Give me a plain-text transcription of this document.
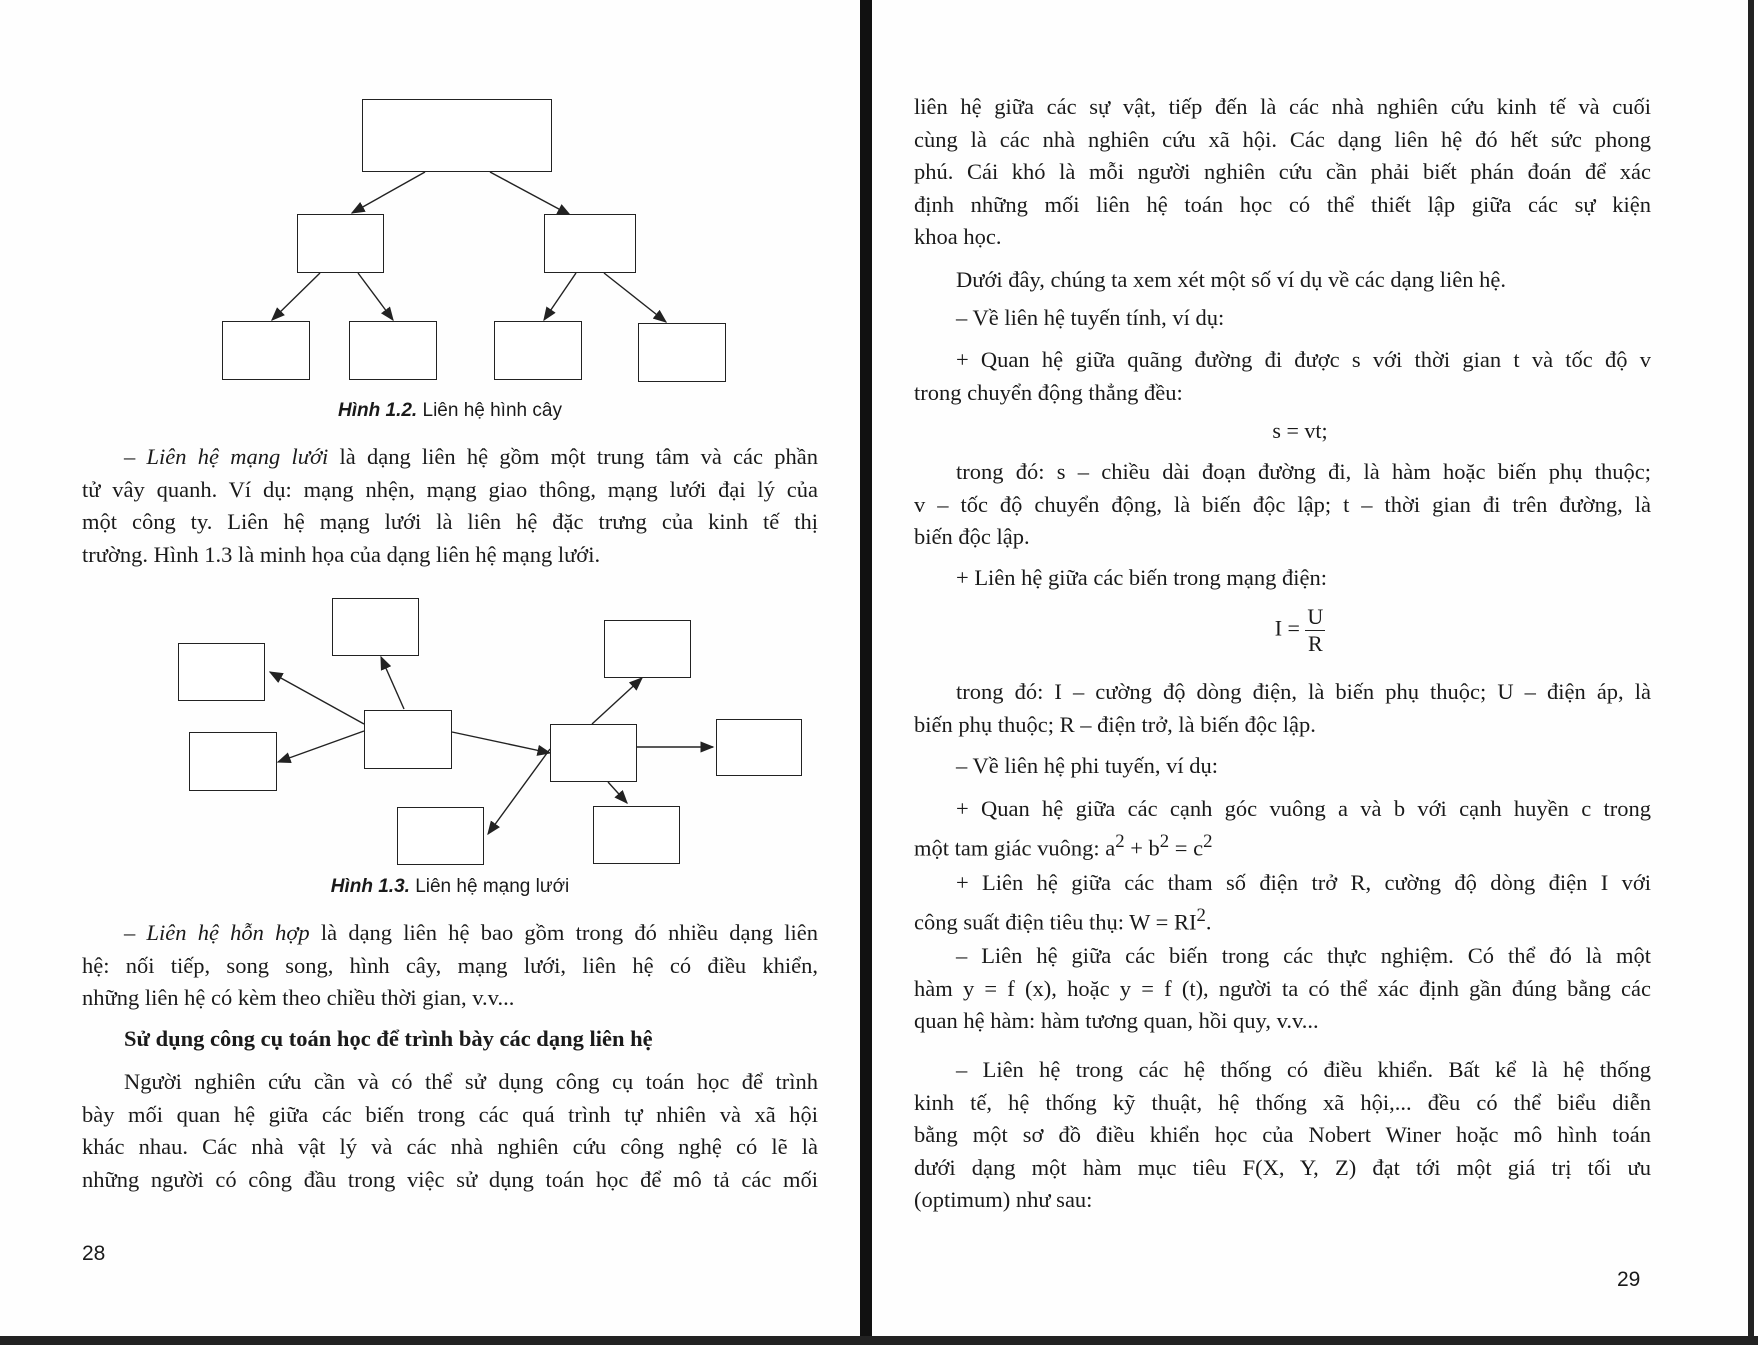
Hình 1.2. Liên hệ hình cây
– Liên hệ mạng lưới là dạng liên hệ gồm một trung tâm và các phần
tử vây quanh. Ví dụ: mạng nhện, mạng giao thông, mạng lưới đại lý của
một công ty. Liên hệ mạng lưới là liên hệ đặc trưng của kinh tế thị
trường. Hình 1.3 là minh họa của dạng liên hệ mạng lưới.
Hình 1.3. Liên hệ mạng lưới
– Liên hệ hỗn hợp là dạng liên hệ bao gồm trong đó nhiều dạng liên
hệ: nối tiếp, song song, hình cây, mạng lưới, liên hệ có điều khiển,
những liên hệ có kèm theo chiều thời gian, v.v...
Sử dụng công cụ toán học để trình bày các dạng liên hệ
Người nghiên cứu cần và có thể sử dụng công cụ toán học để trình
bày mối quan hệ giữa các biến trong các quá trình tự nhiên và xã hội
khác nhau. Các nhà vật lý và các nhà nghiên cứu công nghệ có lẽ là
những người có công đầu trong việc sử dụng toán học để mô tả các mối
28
liên hệ giữa các sự vật, tiếp đến là các nhà nghiên cứu kinh tế và cuối
cùng là các nhà nghiên cứu xã hội. Các dạng liên hệ đó hết sức phong
phú. Cái khó là mỗi người nghiên cứu cần phải biết phán đoán để xác
định những mối liên hệ toán học có thể thiết lập giữa các sự kiện
khoa học.
Dưới đây, chúng ta xem xét một số ví dụ về các dạng liên hệ.
– Về liên hệ tuyến tính, ví dụ:
+ Quan hệ giữa quãng đường đi được s với thời gian t và tốc độ v
trong chuyển động thẳng đều:
s = vt;
trong đó: s – chiều dài đoạn đường đi, là hàm hoặc biến phụ thuộc;
v – tốc độ chuyển động, là biến độc lập; t – thời gian đi trên đường, là
biến độc lập.
+ Liên hệ giữa các biến trong mạng điện:
$I = \frac{U}{R}$
trong đó: I – cường độ dòng điện, là biến phụ thuộc; U – điện áp, là
biến phụ thuộc; R – điện trở, là biến độc lập.
– Về liên hệ phi tuyến, ví dụ:
+ Quan hệ giữa các cạnh góc vuông a và b với cạnh huyền c trong
một tam giác vuông: $a^2 + b^2 = c^2$
+ Liên hệ giữa các tham số điện trở R, cường độ dòng điện I với
công suất điện tiêu thụ: $W = RI^2$.
– Liên hệ giữa các biến trong các thực nghiệm. Có thể đó là một
hàm y = f (x), hoặc y = f (t), người ta có thể xác định gần đúng bằng các
quan hệ hàm: hàm tương quan, hồi quy, v.v...
– Liên hệ trong các hệ thống có điều khiển. Bất kể là hệ thống
kinh tế, hệ thống kỹ thuật, hệ thống xã hội,... đều có thể biểu diễn
bằng một sơ đồ điều khiển học của Nobert Winer hoặc mô hình toán
dưới dạng một hàm mục tiêu F(X, Y, Z) đạt tới một giá trị tối ưu
(optimum) như sau:
29
